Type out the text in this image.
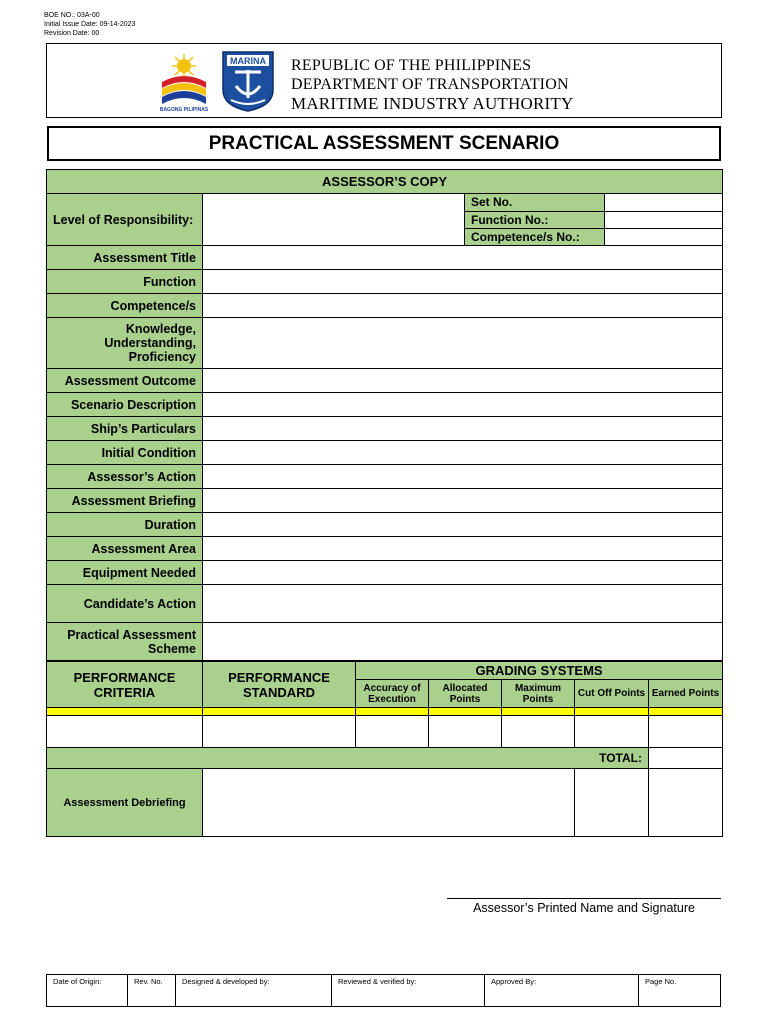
BOE NO.: 03A-00
Initial Issue Date: 09-14-2023
Revision Date: 00
BAGONG PILIPINAS
MARINA REPUBLIC OF THE PHILIPPINES
DEPARTMENT OF TRANSPORTATION
MARITIME INDUSTRY AUTHORITY
PRACTICAL ASSESSMENT SCENARIO
ASSESSOR’S COPY
Level of Responsibility:		
Set No.	
Function No.:	
Competence/s No.:	

Assessment Title	
Function	
Competence/s	
Knowledge, Understanding, Proficiency	
Assessment Outcome	
Scenario Description	
Ship’s Particulars	
Initial Condition	
Assessor’s Action	
Assessment Briefing	
Duration	
Assessment Area	
Equipment Needed	
Candidate’s Action	
Practical Assessment Scheme	
PERFORMANCE CRITERIA	PERFORMANCE STANDARD	GRADING SYSTEMS				
		Accuracy of Execution	Allocated Points	Maximum Points	Cut Off Points	Earned Points

TOTAL:						
Assessment Debriefing						
Assessor’s Printed Name and Signature
Date of Origin:	Rev. No.	Designed & developed by:	Reviewed & verified by:	Approved By:	Page No.
